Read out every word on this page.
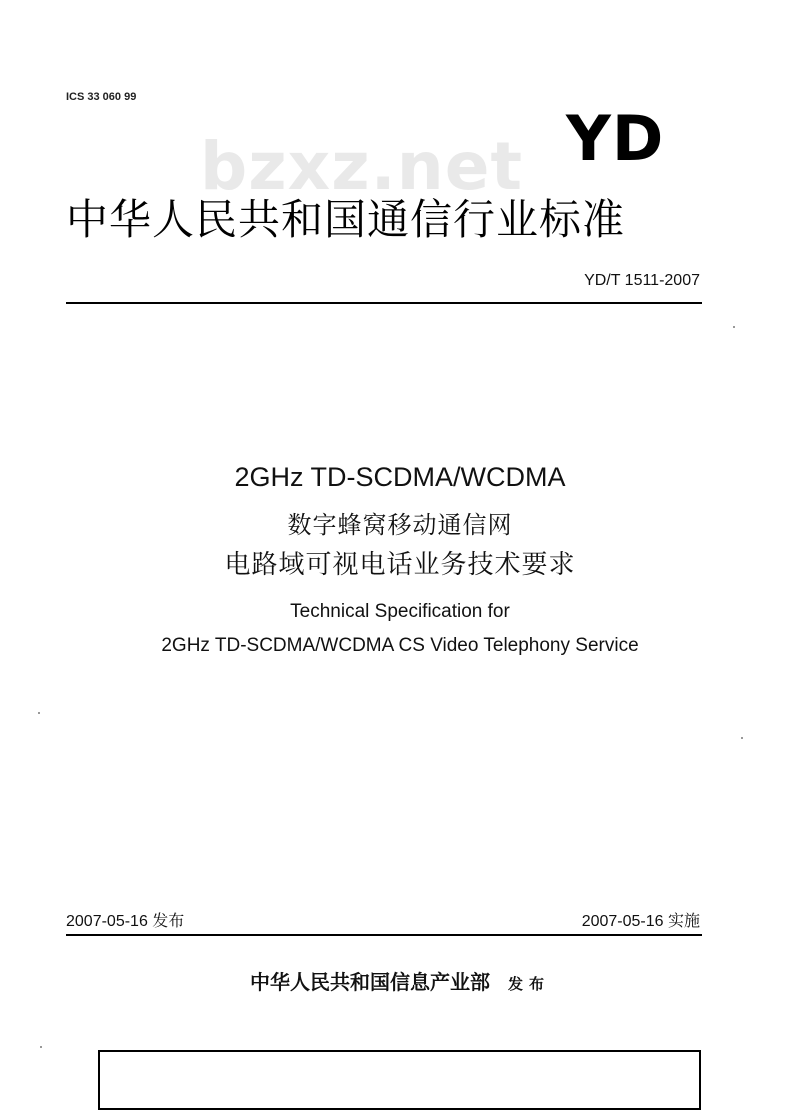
ICS 33 060 99
bzxz.net YD
中华人民共和国通信行业标准
YD/T 1511-2007
2GHz TD-SCDMA/WCDMA
数字蜂窝移动通信网
电路域可视电话业务技术要求
Technical Specification for
2GHz TD-SCDMA/WCDMA CS Video Telephony Service
2007-05-16 发布	2007-05-16 实施
中华人民共和国信息产业部 发布
